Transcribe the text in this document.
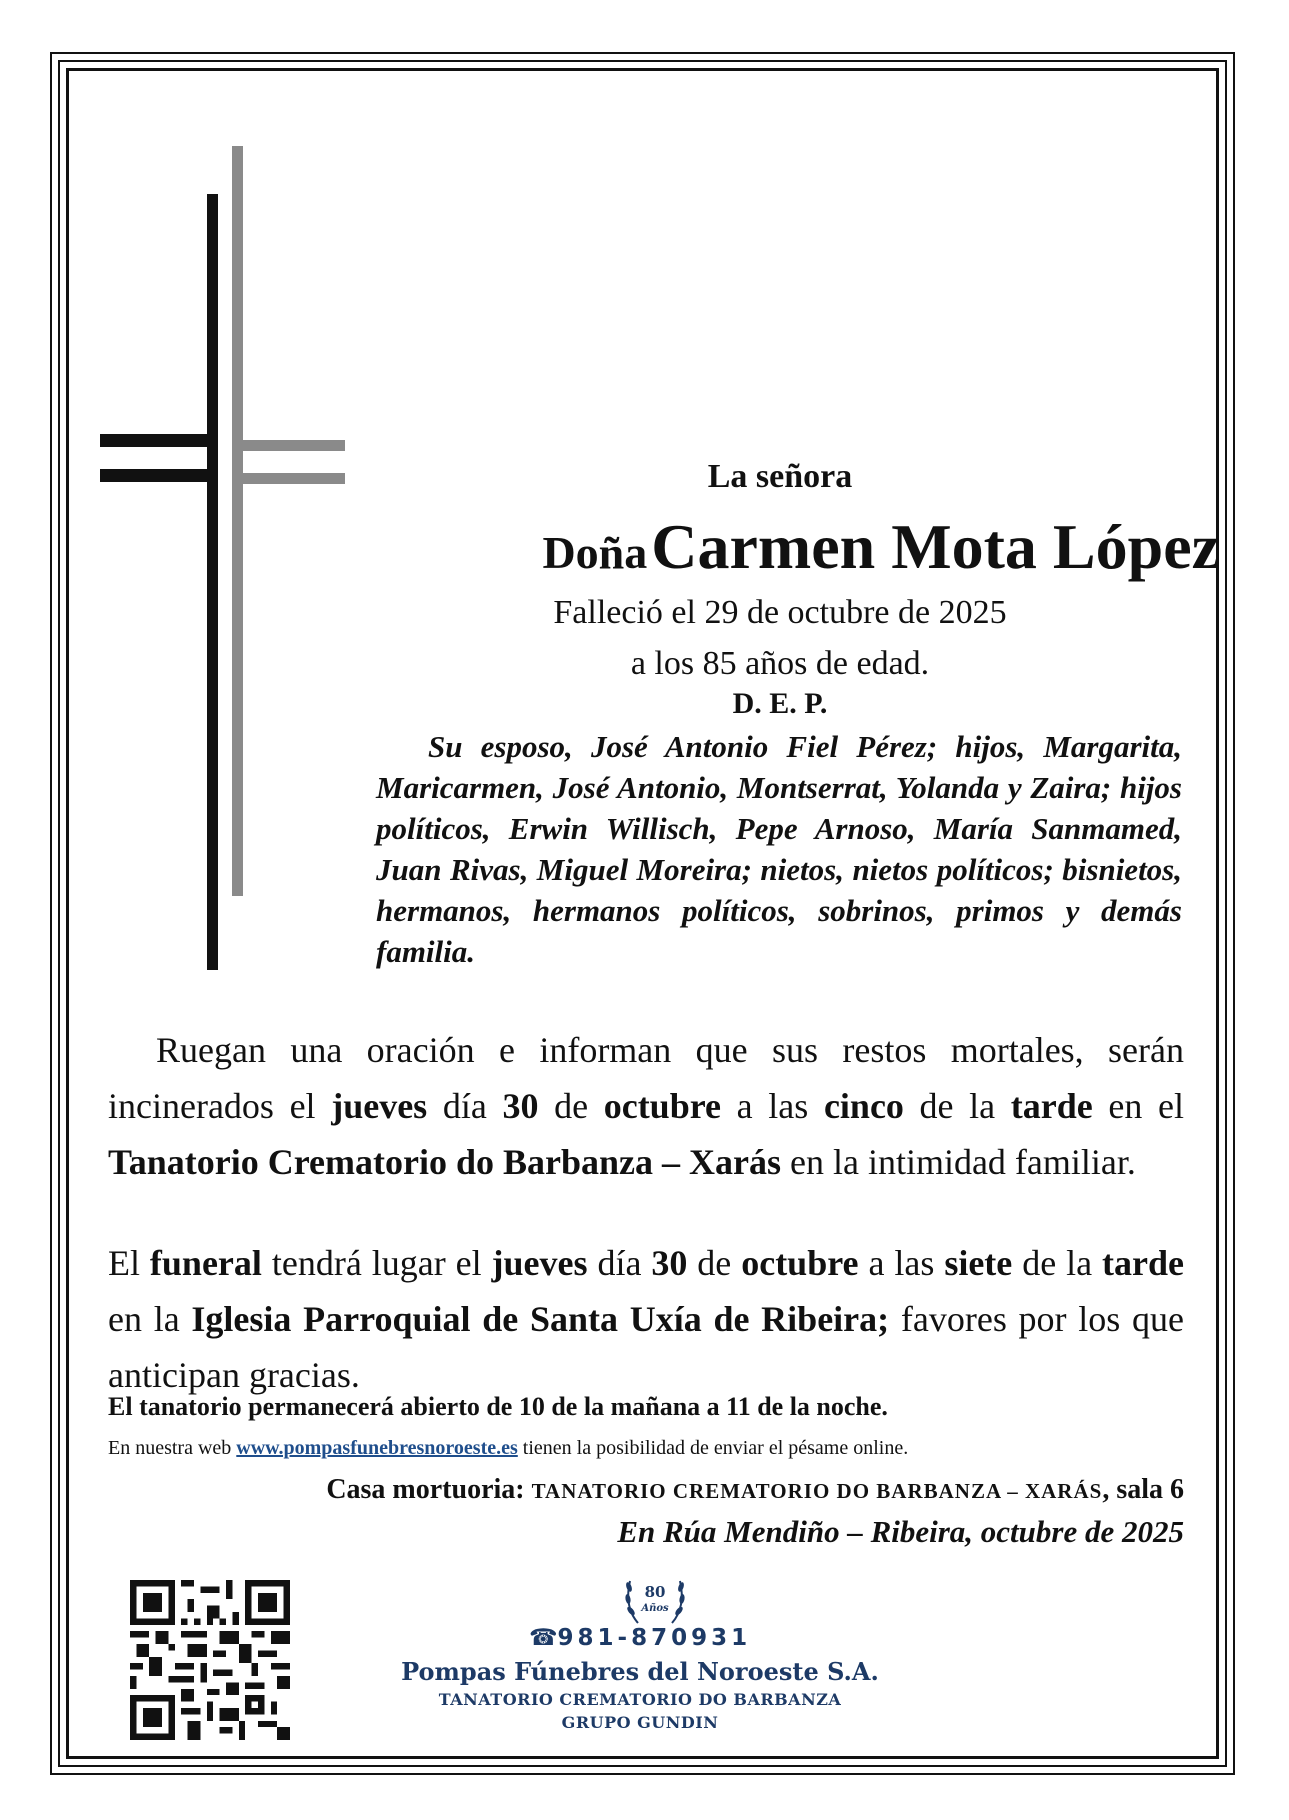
La señora
Doña Carmen Mota López
Falleció el 29 de octubre de 2025
a los 85 años de edad.
D. E. P.
Su esposo, José Antonio Fiel Pérez; hijos, Margarita, Maricarmen, José Antonio, Montserrat, Yolanda y Zaira; hijos políticos, Erwin Willisch, Pepe Arnoso, María Sanmamed, Juan Rivas, Miguel Moreira; nietos, nietos políticos; bisnietos, hermanos, hermanos políticos, sobrinos, primos y demás familia.
Ruegan una oración e informan que sus restos mortales, serán incinerados el jueves día 30 de octubre a las cinco de la tarde en el Tanatorio Crematorio do Barbanza – Xarás en la intimidad familiar.
El funeral tendrá lugar el jueves día 30 de octubre a las siete de la tarde en la Iglesia Parroquial de Santa Uxía de Ribeira; favores por los que anticipan gracias.
El tanatorio permanecerá abierto de 10 de la mañana a 11 de la noche.
En nuestra web www.pompasfunebresnoroeste.es tienen la posibilidad de enviar el pésame online.
Casa mortuoria: TANATORIO CREMATORIO DO BARBANZA – XARÁS, sala 6
En Rúa Mendiño – Ribeira, octubre de 2025
80
Años
☎981-870931
Pompas Fúnebres del Noroeste S.A.
TANATORIO CREMATORIO DO BARBANZA
GRUPO GUNDIN
